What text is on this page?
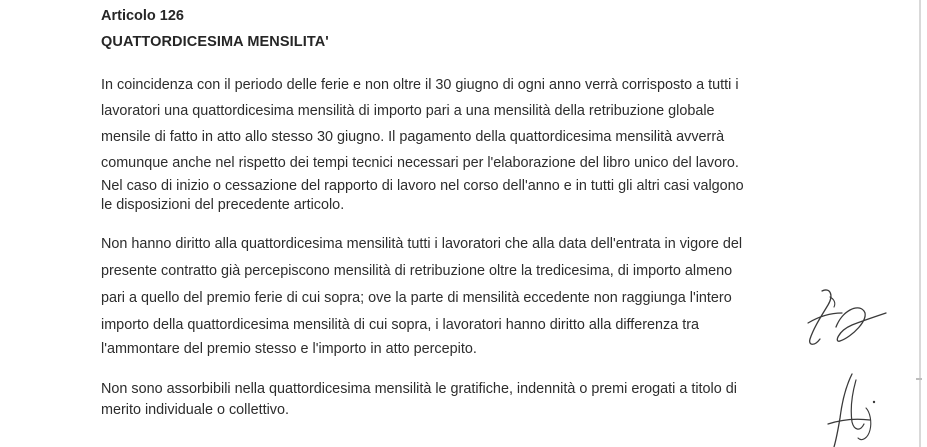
Articolo 126
QUATTORDICESIMA MENSILITA'
In coincidenza con il periodo delle ferie e non oltre il 30 giugno di ogni anno verrà corrisposto a tutti i
lavoratori una quattordicesima mensilità di importo pari a una mensilità della retribuzione globale
mensile di fatto in atto allo stesso 30 giugno. Il pagamento della quattordicesima mensilità avverrà
comunque anche nel rispetto dei tempi tecnici necessari per l'elaborazione del libro unico del lavoro.
Nel caso di inizio o cessazione del rapporto di lavoro nel corso dell'anno e in tutti gli altri casi valgono
le disposizioni del precedente articolo.
Non hanno diritto alla quattordicesima mensilità tutti i lavoratori che alla data dell'entrata in vigore del
presente contratto già percepiscono mensilità di retribuzione oltre la tredicesima, di importo almeno
pari a quello del premio ferie di cui sopra; ove la parte di mensilità eccedente non raggiunga l'intero
importo della quattordicesima mensilità di cui sopra, i lavoratori hanno diritto alla differenza tra
l'ammontare del premio stesso e l'importo in atto percepito.
Non sono assorbibili nella quattordicesima mensilità le gratifiche, indennità o premi erogati a titolo di
merito individuale o collettivo.
